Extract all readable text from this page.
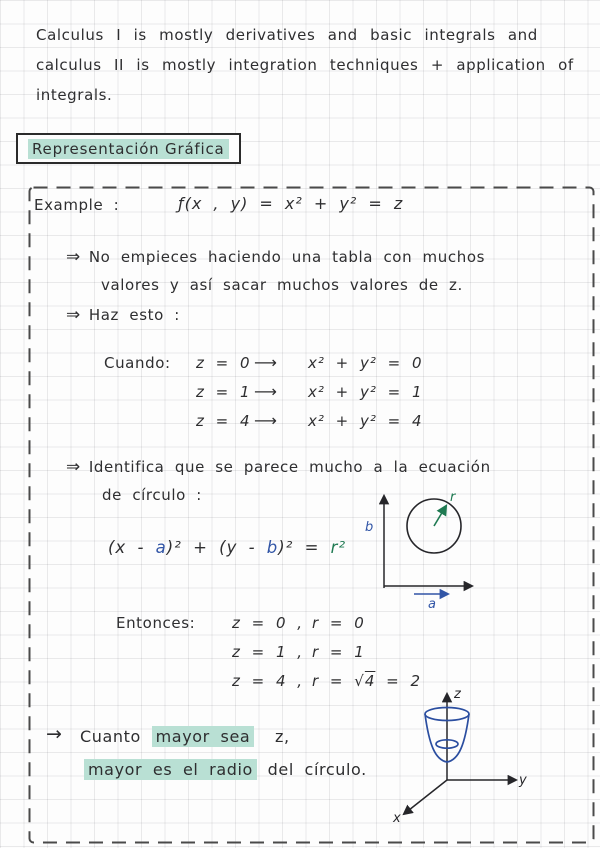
Calculus I is mostly derivatives and basic integrals and
calculus II is mostly integration techniques + application of
integrals.
Representación Gráfica
Example :	ƒ(x , y) = x² + y² = z
⇒ No empieces haciendo una tabla con muchos
valores y así sacar muchos valores de z.
⇒ Haz esto :
Cuando: z = 0 ⟶	x² + y² = 0
z = 1 ⟶	x² + y² = 1
z = 4 ⟶	x² + y² = 4
⇒ Identifica que se parece mucho a la ecuación
de círculo :
(x - a)² + (y - b)² = r²
r
b
a
Entonces: z = 0 , r = 0
z = 1 , r = 1
z = 4 , r = √4 = 2
→ Cuanto mayor sea z,
mayor es el radio del círculo.
z
y
x
